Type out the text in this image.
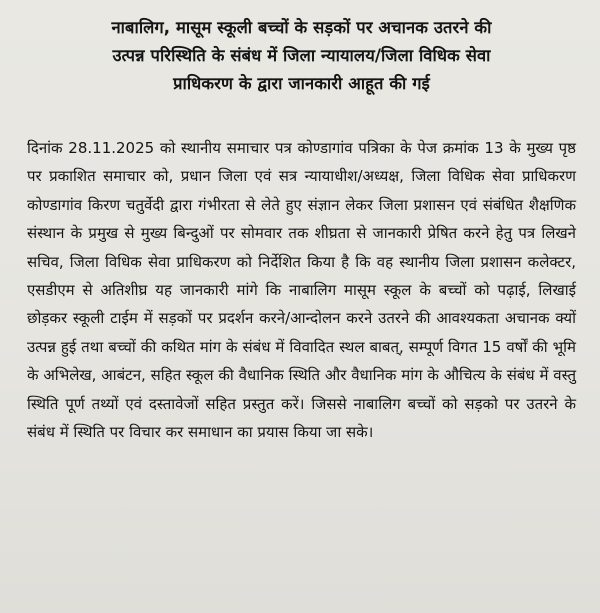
नाबालिग, मासूम स्कूली बच्चों के सड़कों पर अचानक उतरने की
उत्पन्न परिस्थिति के संबंध में जिला न्यायालय/जिला विधिक सेवा
प्राधिकरण के द्वारा जानकारी आहूत की गई

दिनांक 28.11.2025 को स्थानीय समाचार पत्र कोण्डागांव पत्रिका के पेज क्रमांक 13 के मुख्य पृष्ठ पर प्रकाशित समाचार को, प्रधान जिला एवं सत्र न्यायाधीश/अध्यक्ष, जिला विधिक सेवा प्राधिकरण कोण्डागांव किरण चतुर्वेदी द्वारा गंभीरता से लेते हुए संज्ञान लेकर जिला प्रशासन एवं संबंधित शैक्षणिक संस्थान के प्रमुख से मुख्य बिन्दुओं पर सोमवार तक शीघ्रता से जानकारी प्रेषित करने हेतु पत्र लिखने सचिव, जिला विधिक सेवा प्राधिकरण को निर्देशित किया है कि वह स्थानीय जिला प्रशासन कलेक्टर, एसडीएम से अतिशीघ्र यह जानकारी मांगे कि नाबालिग मासूम स्कूल के बच्चों को पढ़ाई, लिखाई छोड़कर स्कूली टाईम में सड़कों पर प्रदर्शन करने/आन्दोलन करने उतरने की आवश्यकता अचानक क्यों उत्पन्न हुई तथा बच्चों की कथित मांग के संबंध में विवादित स्थल बाबत्, सम्पूर्ण विगत 15 वर्षों की भूमि के अभिलेख, आबंटन, सहित स्कूल की वैधानिक स्थिति और वैधानिक मांग के औचित्य के संबंध में वस्तु स्थिति पूर्ण तथ्यों एवं दस्तावेजों सहित प्रस्तुत करें। जिससे नाबालिग बच्चों को सड़को पर उतरने के संबंध में स्थिति पर विचार कर समाधान का प्रयास किया जा सके।
